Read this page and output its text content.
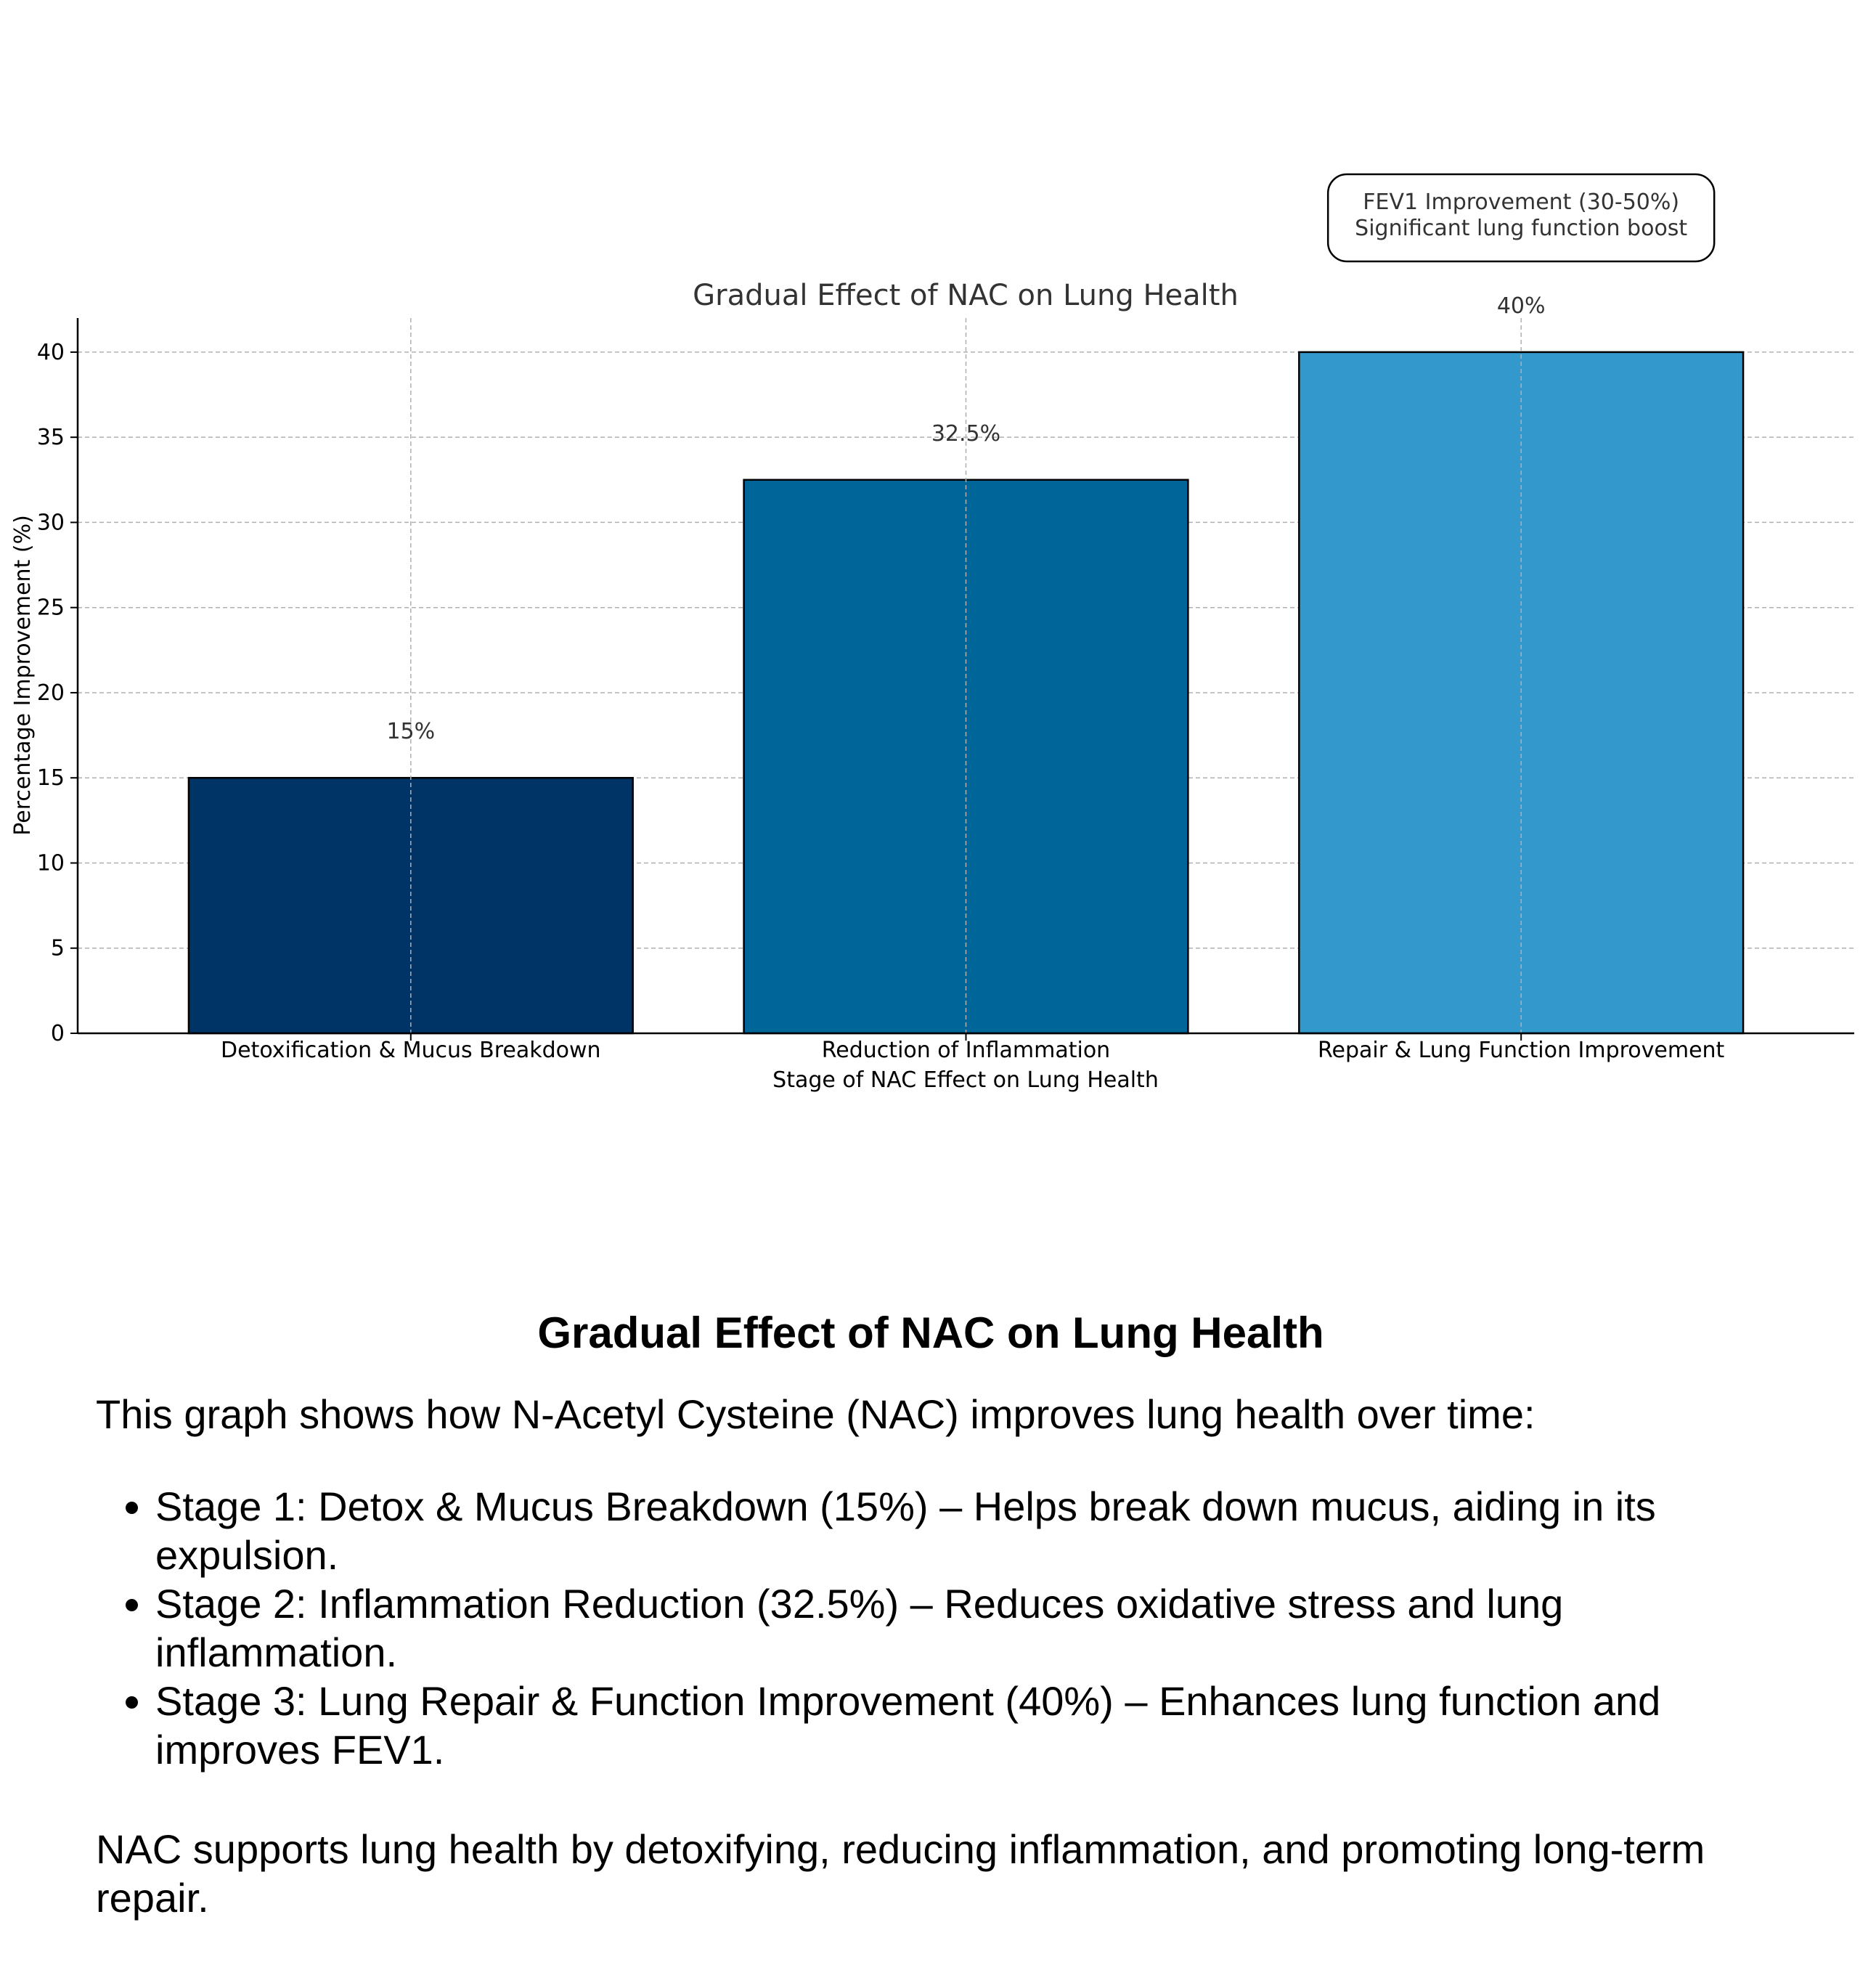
FEV1 Improvement (30-50%)
Significant lung function boost
Gradual Effect of NAC on Lung Health
0
5
10
15
20
25
30
35
40
Detoxification & Mucus Breakdown	Reduction of Inflammation	Repair & Lung Function Improvement
15%
32.5%
40%
Stage of NAC Effect on Lung Health
Percentage Improvement (%)
Gradual Effect of NAC on Lung Health

This graph shows how N-Acetyl Cysteine (NAC) improves lung health over time:

• Stage 1: Detox & Mucus Breakdown (15%) – Helps break down mucus, aiding in its expulsion.
• Stage 2: Inflammation Reduction (32.5%) – Reduces oxidative stress and lung inflammation.
• Stage 3: Lung Repair & Function Improvement (40%) – Enhances lung function and improves FEV1.

NAC supports lung health by detoxifying, reducing inflammation, and promoting long-term repair.
